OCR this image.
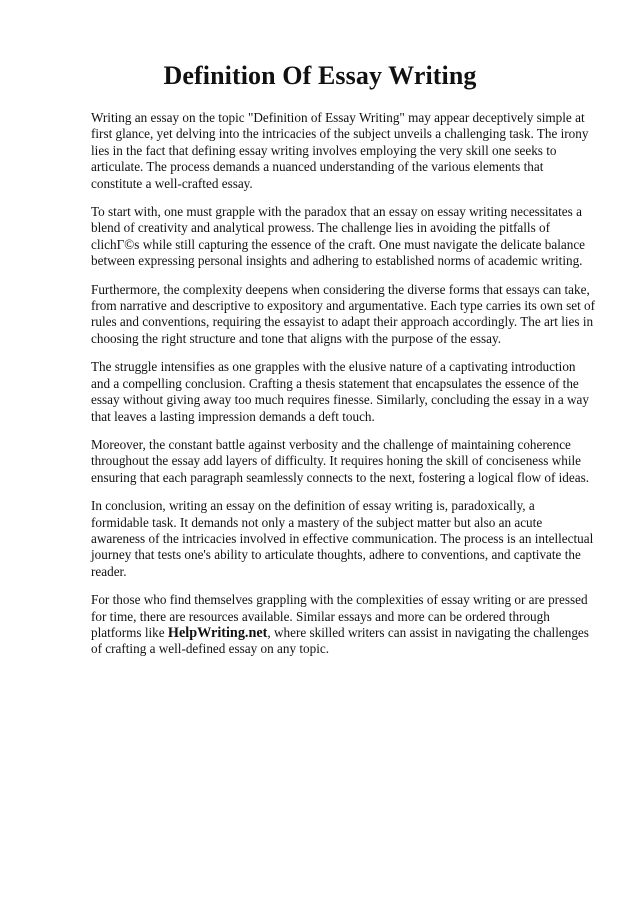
Definition Of Essay Writing

Writing an essay on the topic "Definition of Essay Writing" may appear deceptively simple at first glance, yet delving into the intricacies of the subject unveils a challenging task. The irony lies in the fact that defining essay writing involves employing the very skill one seeks to articulate. The process demands a nuanced understanding of the various elements that constitute a well-crafted essay.

To start with, one must grapple with the paradox that an essay on essay writing necessitates a blend of creativity and analytical prowess. The challenge lies in avoiding the pitfalls of clichГ©s while still capturing the essence of the craft. One must navigate the delicate balance between expressing personal insights and adhering to established norms of academic writing.

Furthermore, the complexity deepens when considering the diverse forms that essays can take, from narrative and descriptive to expository and argumentative. Each type carries its own set of rules and conventions, requiring the essayist to adapt their approach accordingly. The art lies in choosing the right structure and tone that aligns with the purpose of the essay.

The struggle intensifies as one grapples with the elusive nature of a captivating introduction and a compelling conclusion. Crafting a thesis statement that encapsulates the essence of the essay without giving away too much requires finesse. Similarly, concluding the essay in a way that leaves a lasting impression demands a deft touch.

Moreover, the constant battle against verbosity and the challenge of maintaining coherence throughout the essay add layers of difficulty. It requires honing the skill of conciseness while ensuring that each paragraph seamlessly connects to the next, fostering a logical flow of ideas.

In conclusion, writing an essay on the definition of essay writing is, paradoxically, a formidable task. It demands not only a mastery of the subject matter but also an acute awareness of the intricacies involved in effective communication. The process is an intellectual journey that tests one's ability to articulate thoughts, adhere to conventions, and captivate the reader.

For those who find themselves grappling with the complexities of essay writing or are pressed for time, there are resources available. Similar essays and more can be ordered through platforms like HelpWriting.net, where skilled writers can assist in navigating the challenges of crafting a well-defined essay on any topic.
